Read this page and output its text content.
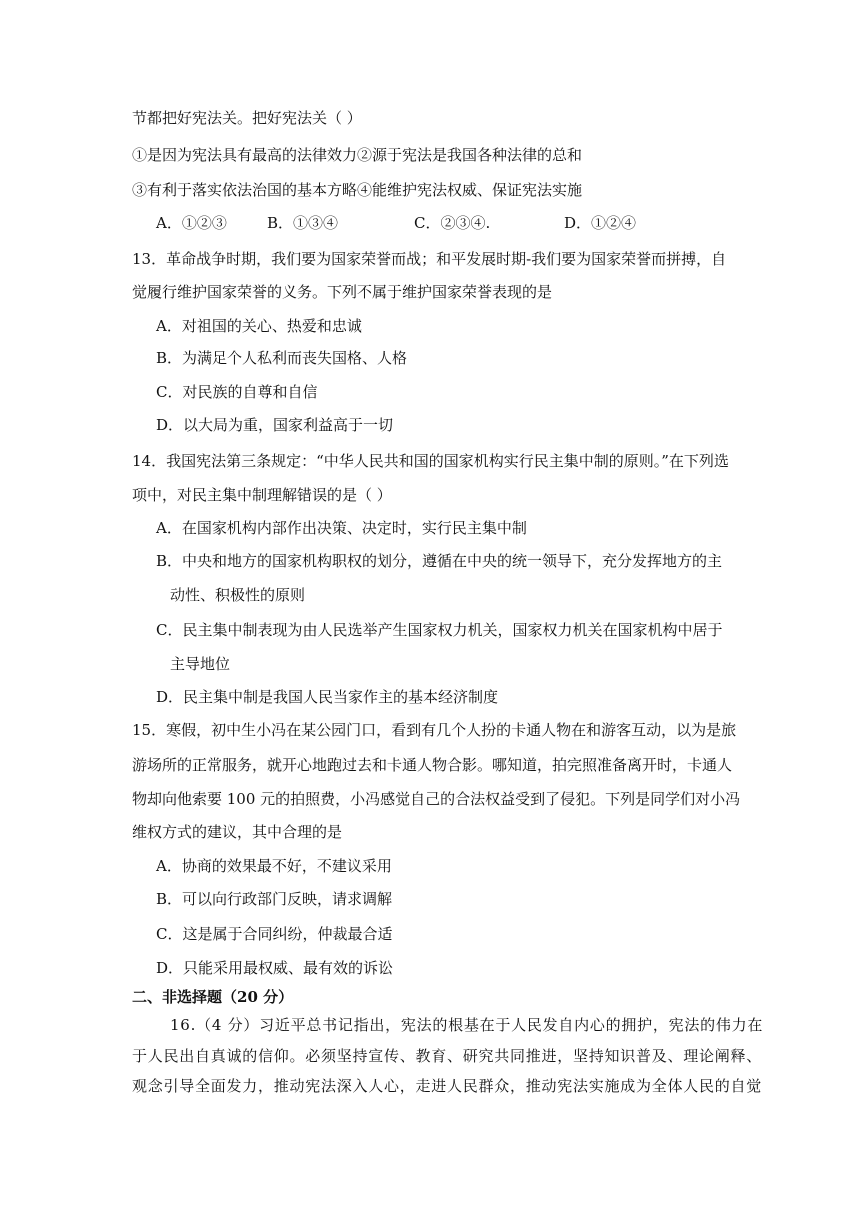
节都把好宪法关。把好宪法关（ ）
①是因为宪法具有最高的法律效力②源于宪法是我国各种法律的总和
③有利于落实依法治国的基本方略④能维护宪法权威、保证宪法实施
A．①②③	B．①③④	C．②③④.	D．①②④
13．革命战争时期，我们要为国家荣誉而战；和平发展时期-我们要为国家荣誉而拼搏，自
觉履行维护国家荣誉的义务。下列不属于维护国家荣誉表现的是
A．对祖国的关心、热爱和忠诚
B．为满足个人私利而丧失国格、人格
C．对民族的自尊和自信
D．以大局为重，国家利益高于一切
14．我国宪法第三条规定：“中华人民共和国的国家机构实行民主集中制的原则。”在下列选
项中，对民主集中制理解错误的是（ ）
A．在国家机构内部作出决策、决定时，实行民主集中制
B．中央和地方的国家机构职权的划分，遵循在中央的统一领导下，充分发挥地方的主
动性、积极性的原则
C．民主集中制表现为由人民选举产生国家权力机关，国家权力机关在国家机构中居于
主导地位
D．民主集中制是我国人民当家作主的基本经济制度
15．寒假，初中生小冯在某公园门口，看到有几个人扮的卡通人物在和游客互动，以为是旅
游场所的正常服务，就开心地跑过去和卡通人物合影。哪知道，拍完照准备离开时，卡通人
物却向他索要 100 元的拍照费，小冯感觉自己的合法权益受到了侵犯。下列是同学们对小冯
维权方式的建议，其中合理的是
A．协商的效果最不好，不建议采用
B．可以向行政部门反映，请求调解
C．这是属于合同纠纷，仲裁最合适
D．只能采用最权威、最有效的诉讼
二、非选择题（20 分）
16.（4 分）习近平总书记指出，宪法的根基在于人民发自内心的拥护，宪法的伟力在
于人民出自真诚的信仰。必须坚持宣传、教育、研究共同推进，坚持知识普及、理论阐释、
观念引导全面发力，推动宪法深入人心，走进人民群众，推动宪法实施成为全体人民的自觉
